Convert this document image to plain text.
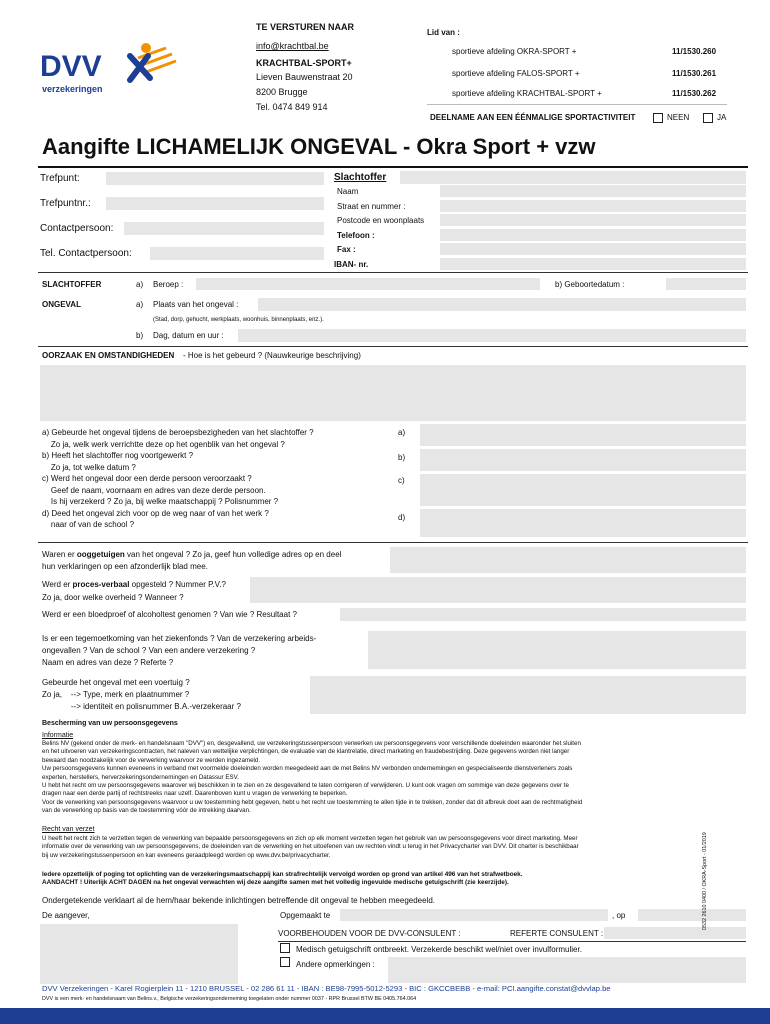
DVV
verzekeringen
TE VERSTUREN NAAR
info@krachtbal.be
KRACHTBAL-SPORT+
Lieven Bauwenstraat 20
8200 Brugge
Tel. 0474 849 914
Lid van :
sportieve afdeling OKRA-SPORT +	11/1530.260
sportieve afdeling FALOS-SPORT +	11/1530.261
sportieve afdeling KRACHTBAL-SPORT +	11/1530.262
DEELNAME AAN EEN ÉÉNMALIGE SPORTACTIVITEIT	NEEN	JA
Aangifte LICHAMELIJK ONGEVAL - Okra Sport + vzw
Trefpunt:
Trefpuntnr.:
Contactpersoon:
Tel. Contactpersoon:
Slachtoffer
Naam
Straat en nummer :
Postcode en woonplaats
Telefoon :
Fax :
IBAN- nr.
SLACHTOFFER	a) Beroep :	b) Geboortedatum :
ONGEVAL	a) Plaats van het ongeval :
(Stad, dorp, gehucht, werkplaats, woonhuis, binnenplaats, enz.).
b) Dag, datum en uur :
OORZAAK EN OMSTANDIGHEDEN - Hoe is het gebeurd ? (Nauwkeurige beschrijving)
a) Gebeurde het ongeval tijdens de beroepsbezigheden van het slachtoffer ?
Zo ja, welk werk verrichtte deze op het ogenblik van het ongeval ?
b) Heeft het slachtoffer nog voortgewerkt ?
Zo ja, tot welke datum ?
c) Werd het ongeval door een derde persoon veroorzaakt ?
Geef de naam, voornaam en adres van deze derde persoon.
Is hij verzekerd ? Zo ja, bij welke maatschappij ? Polisnummer ?
d) Deed het ongeval zich voor op de weg naar of van het werk ?
naar of van de school ?
a)
b)
c)
d)
Waren er ooggetuigen van het ongeval ? Zo ja, geef hun volledige adres op en deel
hun verklaringen op een afzonderlijk blad mee.
Werd er proces-verbaal opgesteld ? Nummer P.V.?
Zo ja, door welke overheid ? Wanneer ?
Werd er een bloedproef of alcoholtest genomen ? Van wie ? Resultaat ?
Is er een tegemoetkoming van het ziekenfonds ? Van de verzekering arbeids-
ongevallen ? Van de school ? Van een andere verzekering ?
Naam en adres van deze ? Referte ?
Gebeurde het ongeval met een voertuig ?
Zo ja,    --> Type, merk en plaatnummer ?
--> identiteit en polisnummer B.A.-verzekeraar ?
Bescherming van uw persoonsgegevens
Informatie
Belins NV (gekend onder de merk- en handelsnaam "DVV") en, desgevallend, uw verzekeringstussenpersoon verwerken uw persoonsgegevens voor verschillende doeleinden waaronder het sluiten
en het uitvoeren van verzekeringscontracten, het naleven van wettelijke verplichtingen, de evaluatie van de klantrelatie, direct marketing en fraudebestrijding. Deze gegevens worden niet langer
bewaard dan noodzakelijk voor de verwerking waarvoor ze werden ingezameld.
Uw persoonsgegevens kunnen eveneens in verband met voormelde doeleinden worden meegedeeld aan de met Belins NV verbonden ondernemingen en gespecialiseerde dienstverleners zoals
experten, herstellers, herverzekeringsondernemingen en Datassur ESV.
U hebt het recht om uw persoonsgegevens waarover wij beschikken in te zien en ze desgevallend te laten corrigeren of verwijderen. U kunt ook vragen om sommige van deze gegevens over te
dragen naar een derde partij of rechtstreeks naar uzelf. Daarenboven kunt u vragen de verwerking te beperken.
Voor de verwerking van persoonsgegevens waarvoor u uw toestemming hebt gegeven, hebt u het recht uw toestemming te allen tijde in te trekken, zonder dat dit afbreuk doet aan de rechtmatigheid
van de verwerking op basis van de toestemming vóór de intrekking daarvan.
Recht van verzet
U heeft het recht zich te verzetten tegen de verwerking van bepaalde persoonsgegevens en zich op elk moment verzetten tegen het gebruik van uw persoonsgegevens voor direct marketing. Meer
informatie over de verwerking van uw persoonsgegevens, de doeleinden van de verwerking en het uitoefenen van uw rechten vindt u terug in het Privacycharter van DVV. Dit charter is beschikbaar
bij uw verzekeringstussenpersoon en kan eveneens geraadpleegd worden op www.dvv.be/privacycharter.
Iedere opzettelijk of poging tot oplichting van de verzekeringsmaatschappij kan strafrechtelijk vervolgd worden op grond van artikel 496 van het strafwetboek.
AANDACHT ! Uiterlijk ACHT DAGEN na het ongeval verwachten wij deze aangifte samen met het volledig ingevulde medische getuigschrift (zie keerzijde).
Ondergetekende verklaart al de hem/haar bekende inlichtingen betreffende dit ongeval te hebben meegedeeld.
De aangever,	Opgemaakt te	, op
VOORBEHOUDEN VOOR DE DVV-CONSULENT :	REFERTE CONSULENT :
Medisch getuigschrift ontbreekt. Verzekerde beschikt wel/niet over invulformulier.
Andere opmerkingen :
DVV Verzekeringen - Karel Rogierplein 11 - 1210 BRUSSEL - 02 286 61 11 - IBAN : BE98-7995-5012-5293 - BIC : GKCCBEBB - e-mail: PCI.aangifte.constat@dvvlap.be
DVV is een merk- en handelsnaam van Belins.v., Belgische verzekeringsonderneming toegelaten onder nummer 0037 - RPR Brussel BTW BE 0405.764.064
0532 2610 0400 / OKRA-Sport - 01/2019
